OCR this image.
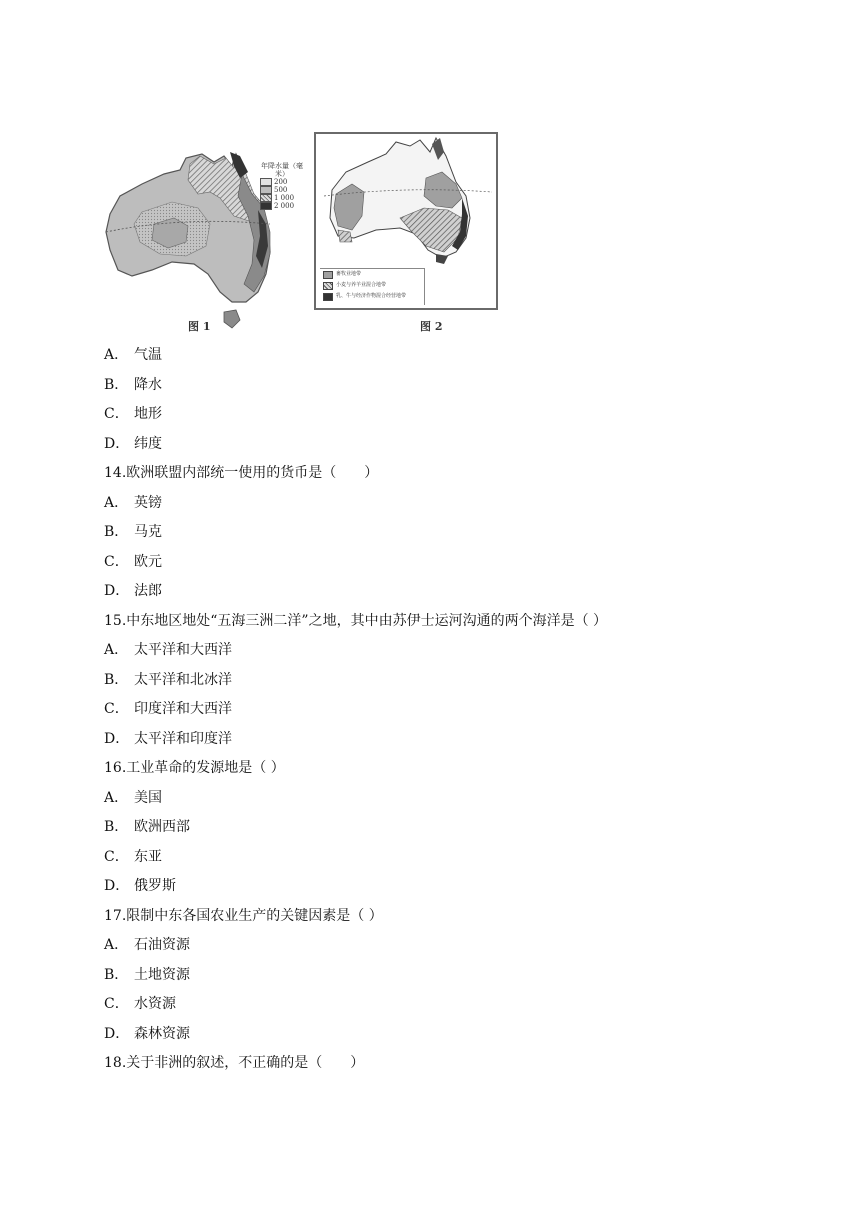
年降水量（毫米）
200
500
1 000
2 000
图 1
畜牧业地带
小麦与养羊业混合地带
乳、牛与经济作物混合经营地带
图 2
A． 气温
B． 降水
C． 地形
D． 纬度
14.欧洲联盟内部统一使用的货币是（　　）
A． 英镑
B． 马克
C． 欧元
D． 法郎
15.中东地区地处“五海三洲二洋”之地，其中由苏伊士运河沟通的两个海洋是（ ）
A． 太平洋和大西洋
B． 太平洋和北冰洋
C． 印度洋和大西洋
D． 太平洋和印度洋
16.工业革命的发源地是（ ）
A． 美国
B． 欧洲西部
C． 东亚
D． 俄罗斯
17.限制中东各国农业生产的关键因素是（ ）
A． 石油资源
B． 土地资源
C． 水资源
D． 森林资源
18.关于非洲的叙述，不正确的是（　　）
